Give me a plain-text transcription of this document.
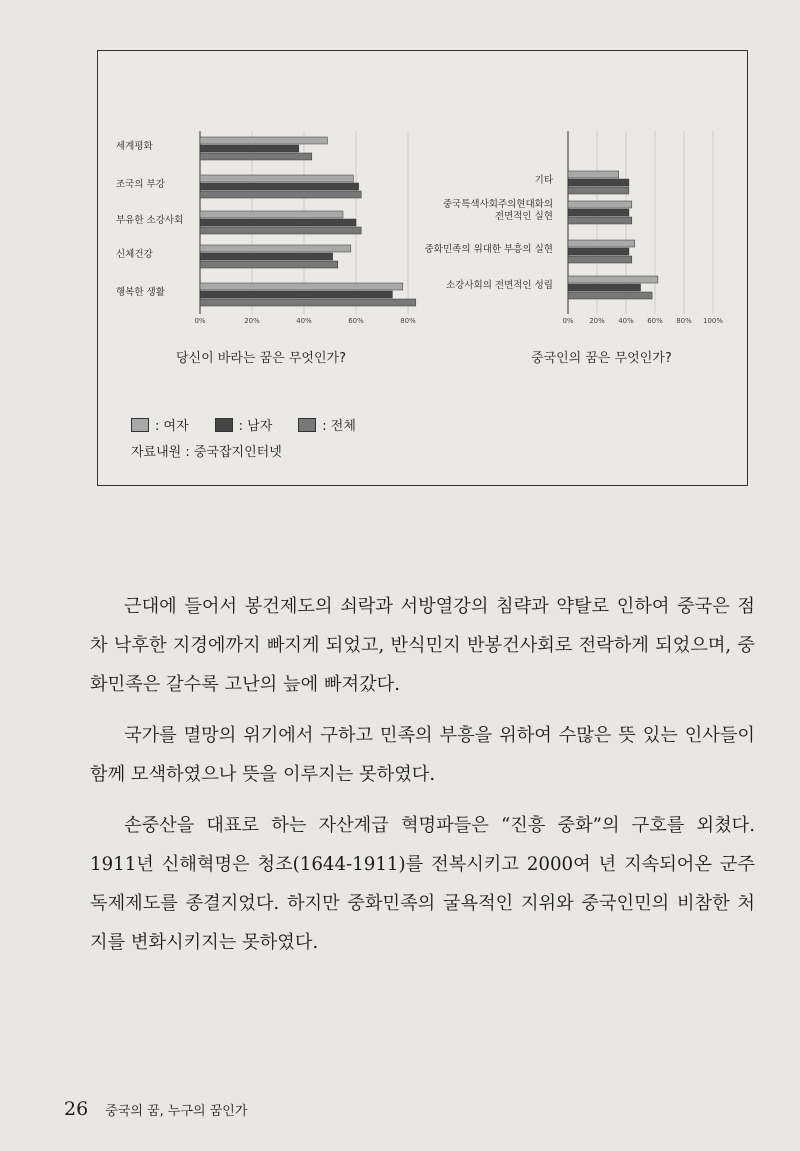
0%	20%	40%	60%	80%
세계평화
조국의 부강
부유한 소강사회
신체건강
행복한 생활
0% 20% 40% 60% 80% 100%
기타
중국특색사회주의현대화의 전면적인 실현
중화민족의 위대한 부흥의 실현
소강사회의 전면적인 성립
당신이 바라는 꿈은 무엇인가?	중국인의 꿈은 무엇인가?
: 여자	: 남자	: 전체
자료내원 : 중국잡지인터넷

근대에 들어서 봉건제도의 쇠락과 서방열강의 침략과 약탈로 인하여 중국은 점차 낙후한 지경에까지 빠지게 되었고, 반식민지 반봉건사회로 전락하게 되었으며, 중화민족은 갈수록 고난의 늪에 빠져갔다.

국가를 멸망의 위기에서 구하고 민족의 부흥을 위하여 수많은 뜻 있는 인사들이 함께 모색하였으나 뜻을 이루지는 못하였다.

손중산을 대표로 하는 자산계급 혁명파들은 “진흥 중화”의 구호를 외쳤다. 1911년 신해혁명은 청조(1644-1911)를 전복시키고 2000여 년 지속되어온 군주독제제도를 종결지었다. 하지만 중화민족의 굴욕적인 지위와 중국인민의 비참한 처지를 변화시키지는 못하였다.

26 중국의 꿈, 누구의 꿈인가
